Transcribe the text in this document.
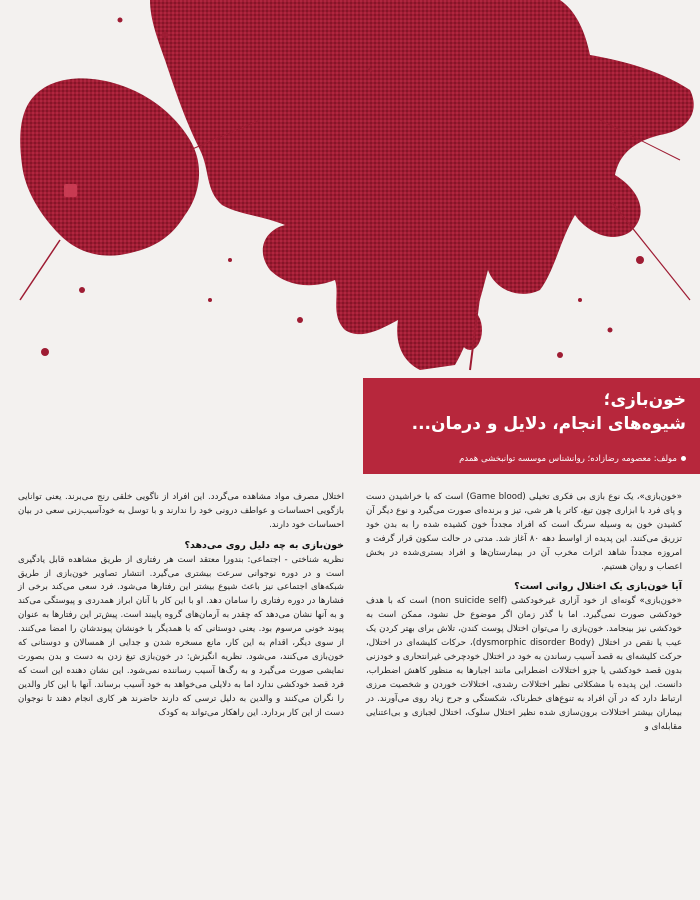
خون‌بازی؛
شیوه‌های انجام، دلایل و درمان...
مولف: معصومه رضازاده؛ روانشناس موسسه توانبخشی همدم

«خون‌بازی»، یک نوع بازی بی فکری تخیلی (Game blood) است که با خراشیدن دست و پای فرد با ابزاری چون تیغ، کاتر یا هر شی، تیز و برنده‌ای صورت می‌گیرد و نوع دیگر آن کشیدن خون به وسیله سرنگ است که افراد مجدداً خون کشیده شده را به بدن خود تزریق می‌کنند. این پدیده از اواسط دهه ۸۰ آغاز شد. مدتی در حالت سکون قرار گرفت و امروزه مجدداً شاهد اثرات مخرب آن در بیمارستان‌ها و افراد بستری‌شده در بخش اعصاب و روان هستیم.

آیا خون‌بازی یک اختلال روانی است؟

«خون‌بازی» گونه‌ای از خود آزاری غیرخودکشی (non suicide self) است که با هدف خودکشی صورت نمی‌گیرد. اما با گذر زمان اگر موضوع حل نشود، ممکن است به خودکشی نیز بینجامد. خون‌بازی را می‌توان اختلال پوست کندن، تلاش برای بهتر کردن یک عیب یا نقص در اختلال (dysmorphic disorder Body)، حرکات کلیشه‌ای در اختلال، حرکت کلیشه‌ای به قصد آسیب رساندن به خود در اختلال خودچرخی غیرانتحاری و خودزنی بدون قصد خودکشی یا جزو اختلالات اضطرابی مانند اجبارها به منظور کاهش اضطراب، دانست. این پدیده با مشکلاتی نظیر اختلالات رشدی، اختلالات خوردن و شخصیت مرزی ارتباط دارد که در آن افراد به تنوع‌های خطرناک، شکستگی و جرح زیاد روی می‌آورند. در بیماران بیشتر اختلالات برون‌سازی شده نظیر اختلال سلوک، اختلال لجبازی و بی‌اعتنایی مقابله‌ای و

اختلال مصرف مواد مشاهده می‌گردد. این افراد از ناگویی خلقی رنج می‌برند. یعنی توانایی بازگویی احساسات و عواطف درونی خود را ندارند و با توسل به خودآسیب‌زنی سعی در بیان احساسات خود دارند.

خون‌بازی به چه دلیل روی می‌دهد؟

نظریه شناختی - اجتماعی: بندورا معتقد است هر رفتاری از طریق مشاهده قابل یادگیری است و در دوره نوجوانی سرعت بیشتری می‌گیرد. انتشار تصاویر خون‌بازی از طریق شبکه‌های اجتماعی نیز باعث شیوع بیشتر این رفتارها می‌شود. فرد سعی می‌کند برخی از فشارها در دوره رفتاری را سامان دهد. او با این کار با آنان ابراز همدردی و پیوستگی می‌کند و به آنها نشان می‌دهد که چقدر به آرمان‌های گروه پایبند است. پیش‌تر این رفتارها به عنوان پیوند خونی مرسوم بود. یعنی دوستانی که با همدیگر با خونشان پیوندشان را امضا می‌کنند. از سوی دیگر، اقدام به این کار، مانع مسخره شدن و جدایی از همسالان و دوستانی که خون‌بازی می‌کنند، می‌شود. نظریه انگیزش: در خون‌بازی تیغ زدن به دست و بدن بصورت نمایشی صورت می‌گیرد و به رگ‌ها آسیب رساننده نمی‌شود. این نشان دهنده این است که فرد قصد خودکشی ندارد اما به دلایلی می‌خواهد به خود آسیب برساند. آنها با این کار والدین را نگران می‌کنند و والدین به دلیل ترسی که دارند حاضرند هر کاری انجام دهند تا نوجوان دست از این کار بردارد. این راهکار می‌تواند به کودک
